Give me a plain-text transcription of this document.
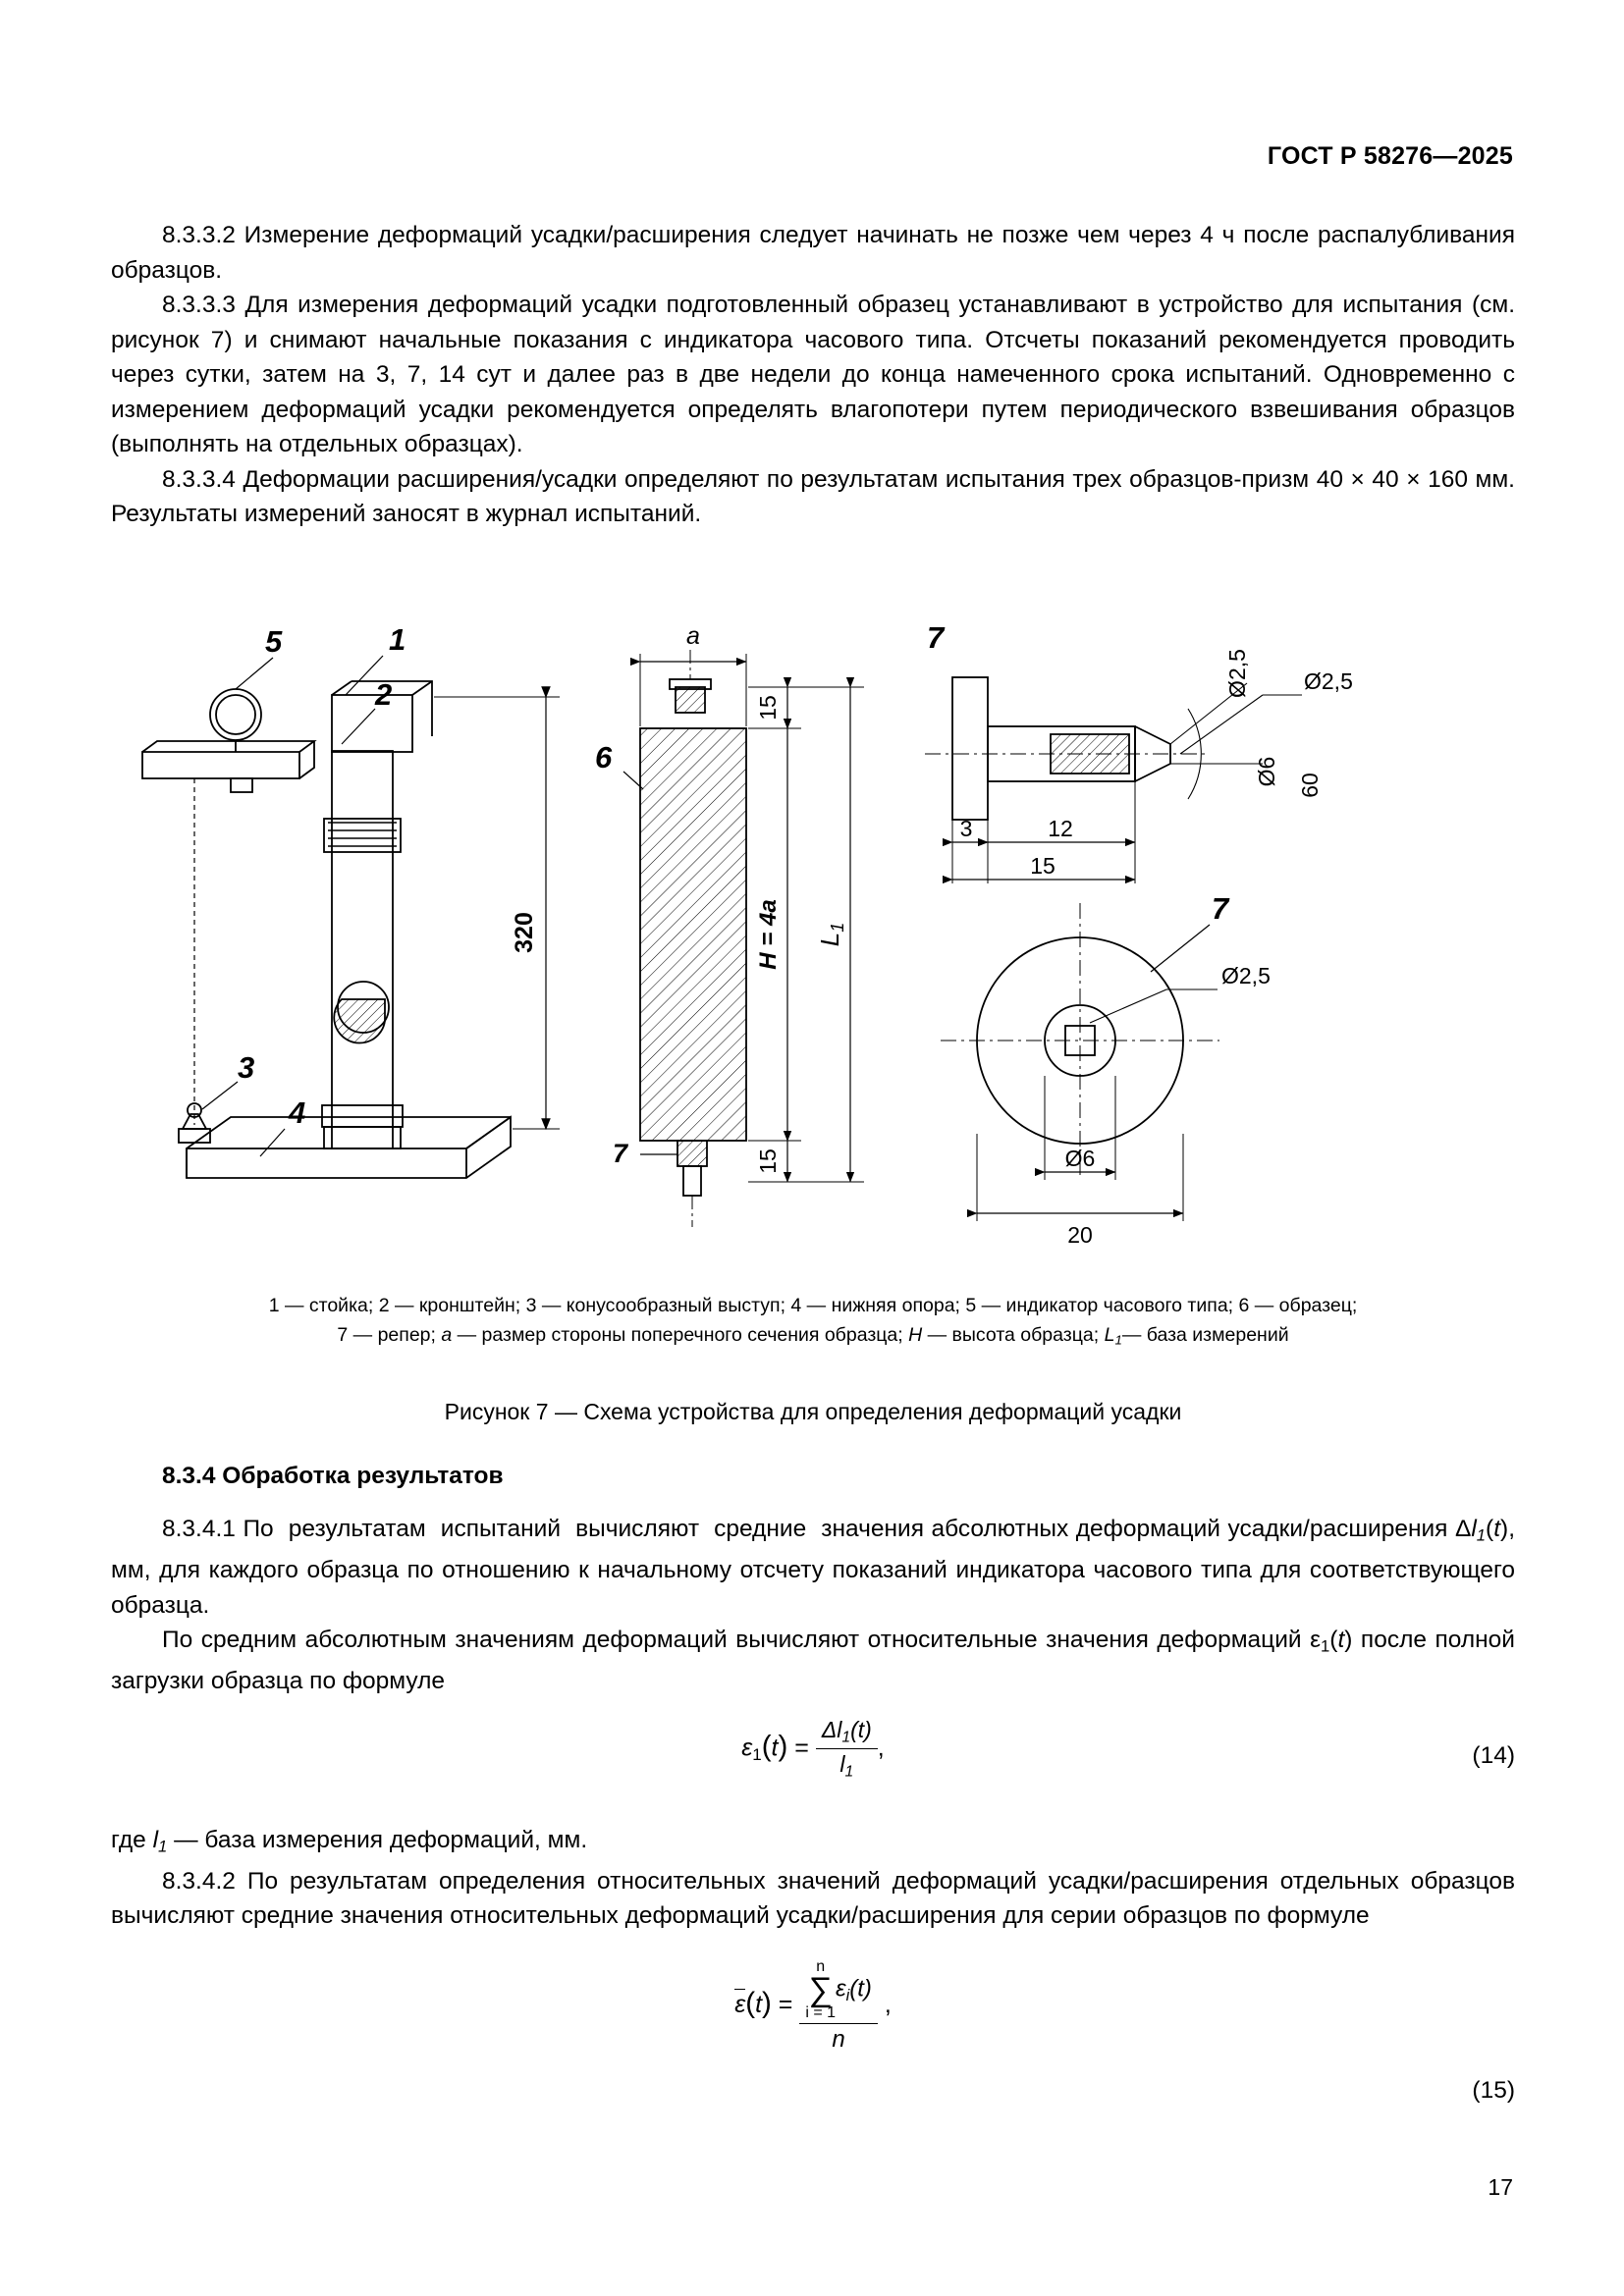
ГОСТ Р 58276—2025

8.3.3.2 Измерение деформаций усадки/расширения следует начинать не позже чем через 4 ч после распалубливания образцов.

8.3.3.3 Для измерения деформаций усадки подготовленный образец устанавливают в устройство для испытания (см. рисунок 7) и снимают начальные показания с индикатора часового типа. Отсчеты показаний рекомендуется проводить через сутки, затем на 3, 7, 14 сут и далее раз в две недели до конца намеченного срока испытаний. Одновременно с измерением деформаций усадки рекомендуется определять влагопотери путем периодического взвешивания образцов (выполнять на отдельных образцах).

8.3.3.4 Деформации расширения/усадки определяют по результатам испытания трех образцов-призм 40 × 40 × 160 мм. Результаты измерений заносят в журнал испытаний.

1
2
5
3
4
6
7
7
7
320
a
15
H = 4a
15
L1
Ø2,5 Ø2,5
Ø6 60
3	12
15
Ø2,5
Ø6
20
1 — стойка; 2 — кронштейн; 3 — конусообразный выступ; 4 — нижняя опора; 5 — индикатор часового типа; 6 — образец;
7 — репер; a — размер стороны поперечного сечения образца; H — высота образца; $L_1—$ база измерений
Рисунок 7 — Схема устройства для определения деформаций усадки
8.3.4 Обработка результатов

8.3.4.1 По  результатам  испытаний  вычисляют  средние  значения абсолютных деформаций усадки/расширения $\Delta l_1(t)$, мм, для каждого образца по отношению к начальному отсчету показаний индикатора часового типа для соответствующего образца.

По средним абсолютным значениям деформаций вычисляют относительные значения деформаций $\varepsilon_1(t)$ после полной загрузки образца по формуле

$\varepsilon_1(t) = \frac{\Delta l_1(t)}{l_1}$ ,	(14)

где $l_1$ — база измерения деформаций, мм.

8.3.4.2 По результатам определения относительных значений деформаций усадки/расширения отдельных образцов вычисляют средние значения относительных деформаций усадки/расширения для серии образцов по формуле

ε(t) = n
∑
i = 1
$\varepsilon_i(t)$
n ,
(15)
17
